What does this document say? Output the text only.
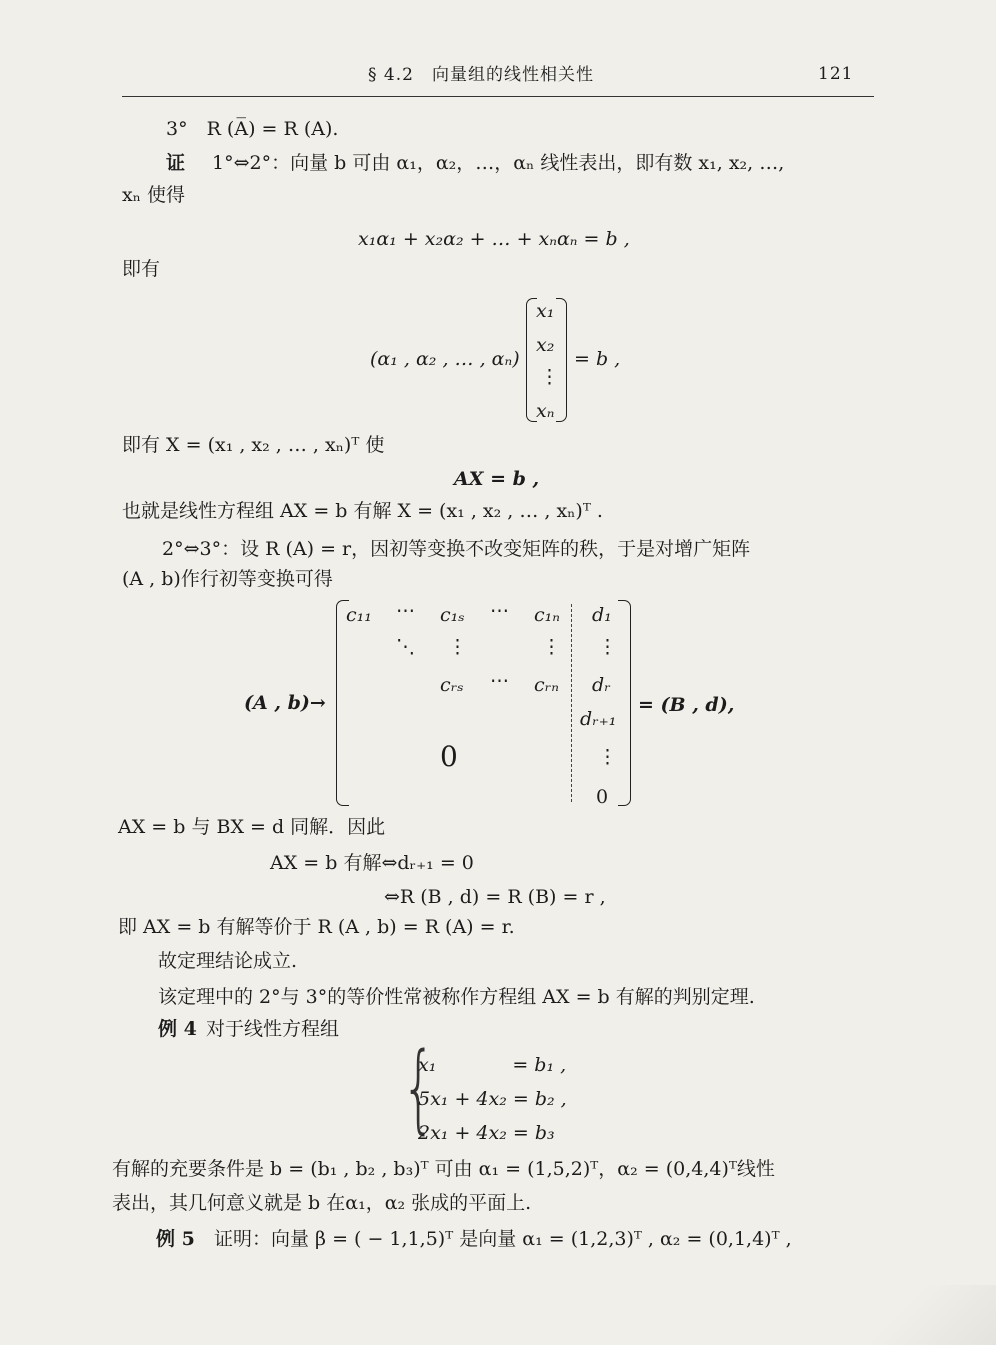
§ 4.2　向量组的线性相关性	121
3°　R (A̅) = R (A).
证 1°⇔2°：向量 b 可由 α₁，α₂，…，αₙ 线性表出，即有数 x₁, x₂, …,
xₙ 使得
x₁α₁ + x₂α₂ + … + xₙαₙ = b ,
即有
(α₁ , α₂ , … , αₙ)
x₁
x₂
⋮
xₙ
= b ,
即有 X = (x₁ , x₂ , … , xₙ)ᵀ 使
AX = b ,
也就是线性方程组 AX = b 有解 X = (x₁ , x₂ , … , xₙ)ᵀ .
2°⇔3°：设 R (A) = r，因初等变换不改变矩阵的秩，于是对增广矩阵
(A , b)作行初等变换可得
(A , b)→
c₁₁ ⋯ c₁ₛ ⋯ c₁ₙ
⋱ ⋮	⋮
cᵣₛ ⋯ cᵣₙ
0
d₁
⋮
dᵣ
dᵣ₊₁
⋮
0
= (B , d),
AX = b 与 BX = d 同解．因此
AX = b 有解⇔dᵣ₊₁ = 0
⇔R (B , d) = R (B) = r ,
即 AX = b 有解等价于 R (A , b) = R (A) = r.
故定理结论成立.
该定理中的 2°与 3°的等价性常被称作方程组 AX = b 有解的判别定理.
例 4 对于线性方程组
{
x₁　　　　= b₁ ,
5x₁ + 4x₂ = b₂ ,
2x₁ + 4x₂ = b₃
有解的充要条件是 b = (b₁ , b₂ , b₃)ᵀ 可由 α₁ = (1,5,2)ᵀ，α₂ = (0,4,4)ᵀ线性
表出，其几何意义就是 b 在α₁，α₂ 张成的平面上.
例 5 证明：向量 β = ( − 1,1,5)ᵀ 是向量 α₁ = (1,2,3)ᵀ , α₂ = (0,1,4)ᵀ ,
